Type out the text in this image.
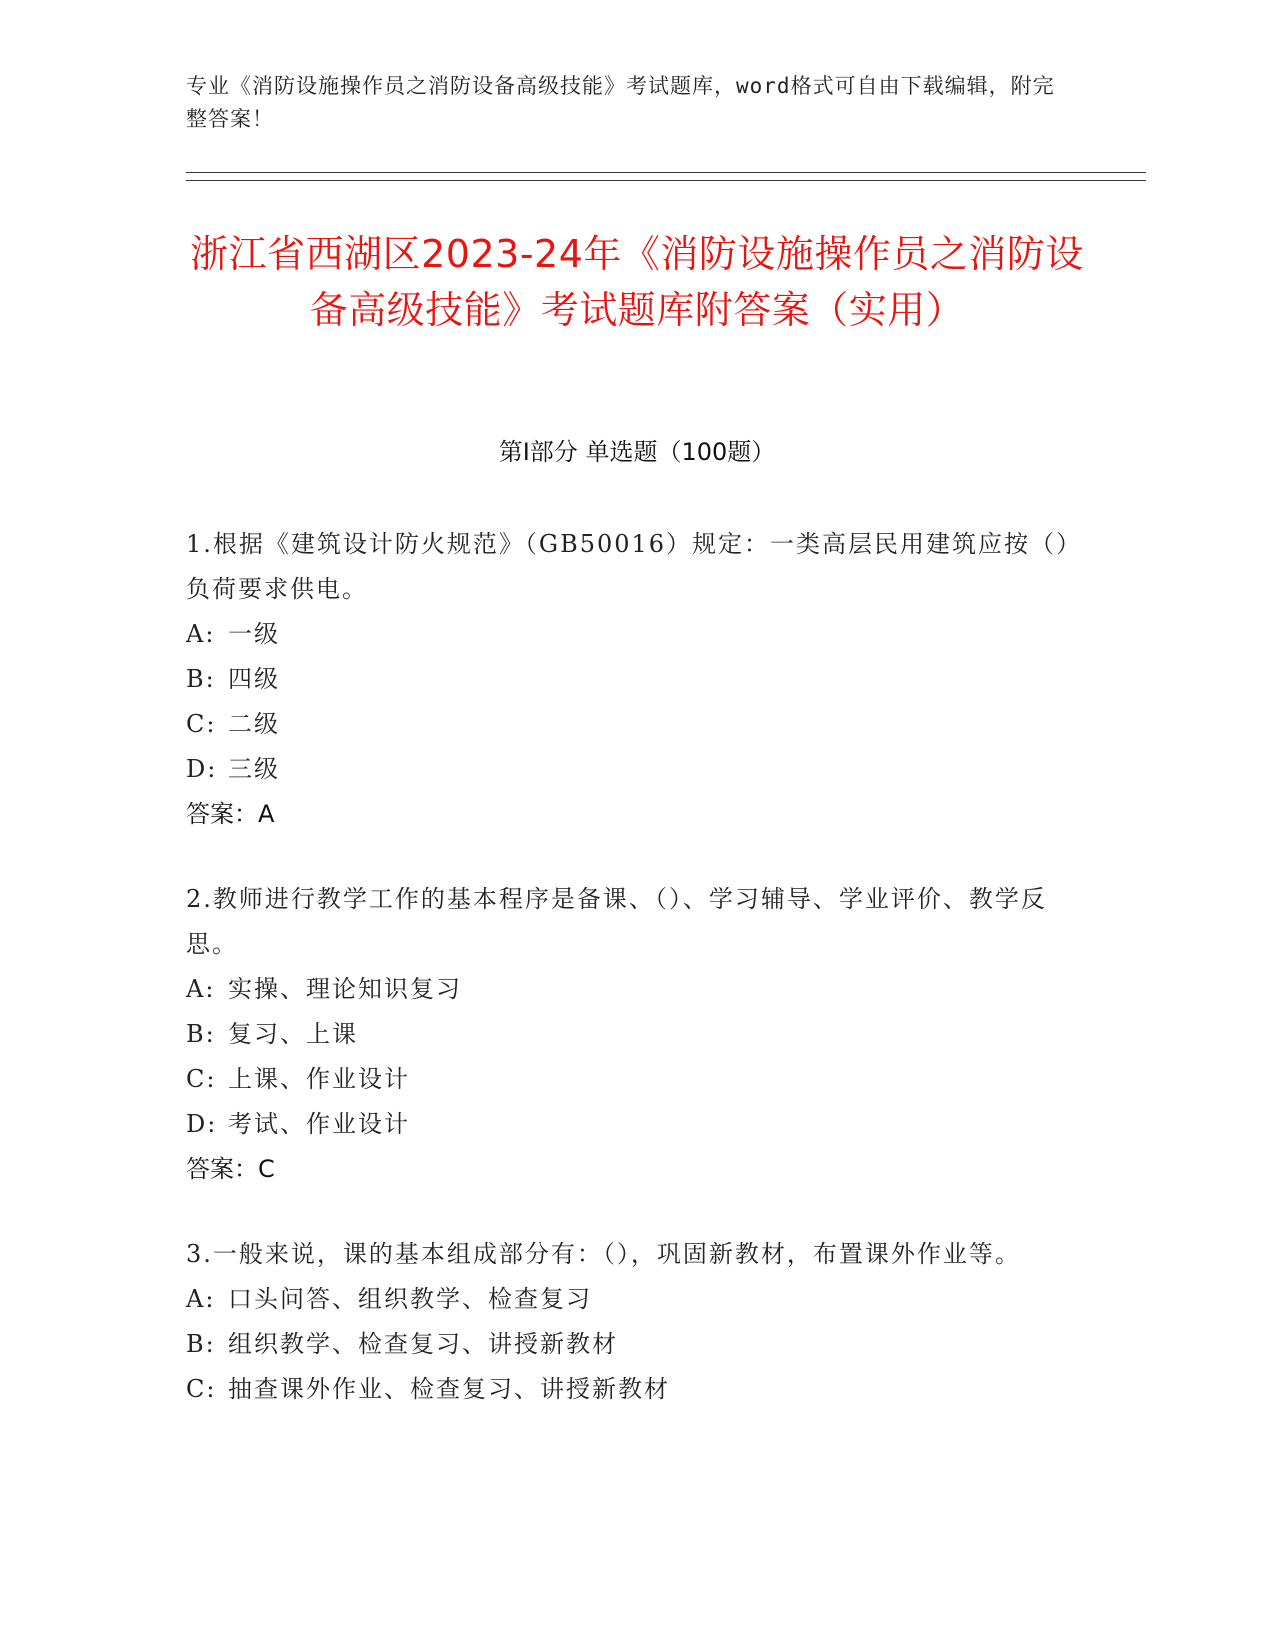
专业《消防设施操作员之消防设备高级技能》考试题库，word格式可自由下载编辑，附完整答案！
浙江省西湖区2023-24年《消防设施操作员之消防设备高级技能》考试题库附答案（实用）
第I部分 单选题（100题）

1.根据《建筑设计防火规范》（GB50016）规定：一类高层民用建筑应按（）负荷要求供电。

A: 一级
B: 四级
C: 二级
D: 三级
答案：A

2.教师进行教学工作的基本程序是备课、（）、学习辅导、学业评价、教学反思。

A: 实操、理论知识复习
B: 复习、上课
C: 上课、作业设计
D: 考试、作业设计
答案：C

3.一般来说，课的基本组成部分有：（），巩固新教材，布置课外作业等。

A: 口头问答、组织教学、检查复习
B: 组织教学、检查复习、讲授新教材
C: 抽查课外作业、检查复习、讲授新教材
